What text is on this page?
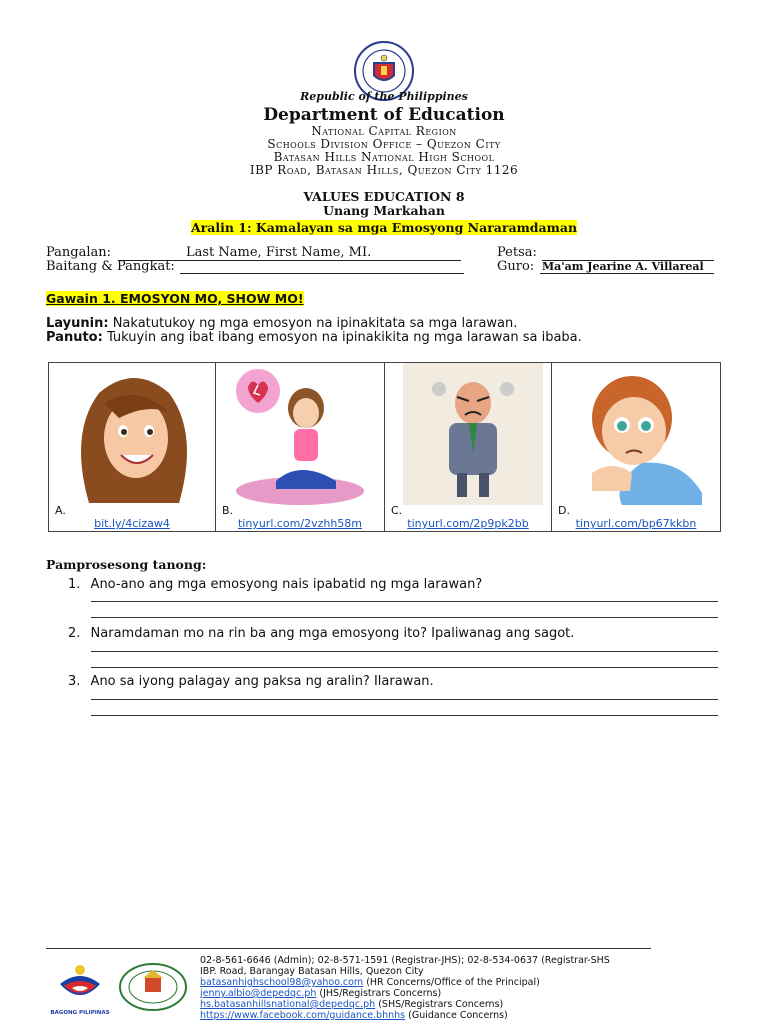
Republic of the Philippines
Department of Education
National Capital Region
Schools Division Office – Quezon City
Batasan Hills National High School
IBP Road, Batasan Hills, Quezon City 1126
VALUES EDUCATION 8
Unang Markahan
Aralin 1: Kamalayan sa mga Emosyong Nararamdaman
Pangalan:	Last Name, First Name, MI.	Petsa:
Baitang & Pangkat:	Guro: Ma'am Jearine A. Villareal
Gawain 1. EMOSYON MO, SHOW MO!
Layunin: Nakatutukoy ng mga emosyon na ipinakitata sa mga larawan.
Panuto: Tukuyin ang ibat ibang emosyon na ipinakikita ng mga larawan sa ibaba.
A.
bit.ly/4cizaw4
B.
tinyurl.com/2vzhh58m
C.
tinyurl.com/2p9pk2bb
D.
tinyurl.com/bp67kkbn
Pamprosesong tanong:
1. Ano-ano ang mga emosyong nais ipabatid ng mga larawan?
2. Naramdaman mo na rin ba ang mga emosyong ito? Ipaliwanag ang sagot.
3. Ano sa iyong palagay ang paksa ng aralin? Ilarawan.
BAGONG PILIPINAS
02-8-561-6646 (Admin); 02-8-571-1591 (Registrar-JHS); 02-8-534-0637 (Registrar-SHS
IBP. Road, Barangay Batasan Hills, Quezon City
batasanhighschool98@yahoo.com (HR Concerns/Office of the Principal)
jenny.albio@depedqc.ph (JHS/Registrars Concerns)
hs.batasanhillsnational@depedqc.ph (SHS/Registrars Concerns)
https://www.facebook.com/guidance.bhnhs (Guidance Concerns)
